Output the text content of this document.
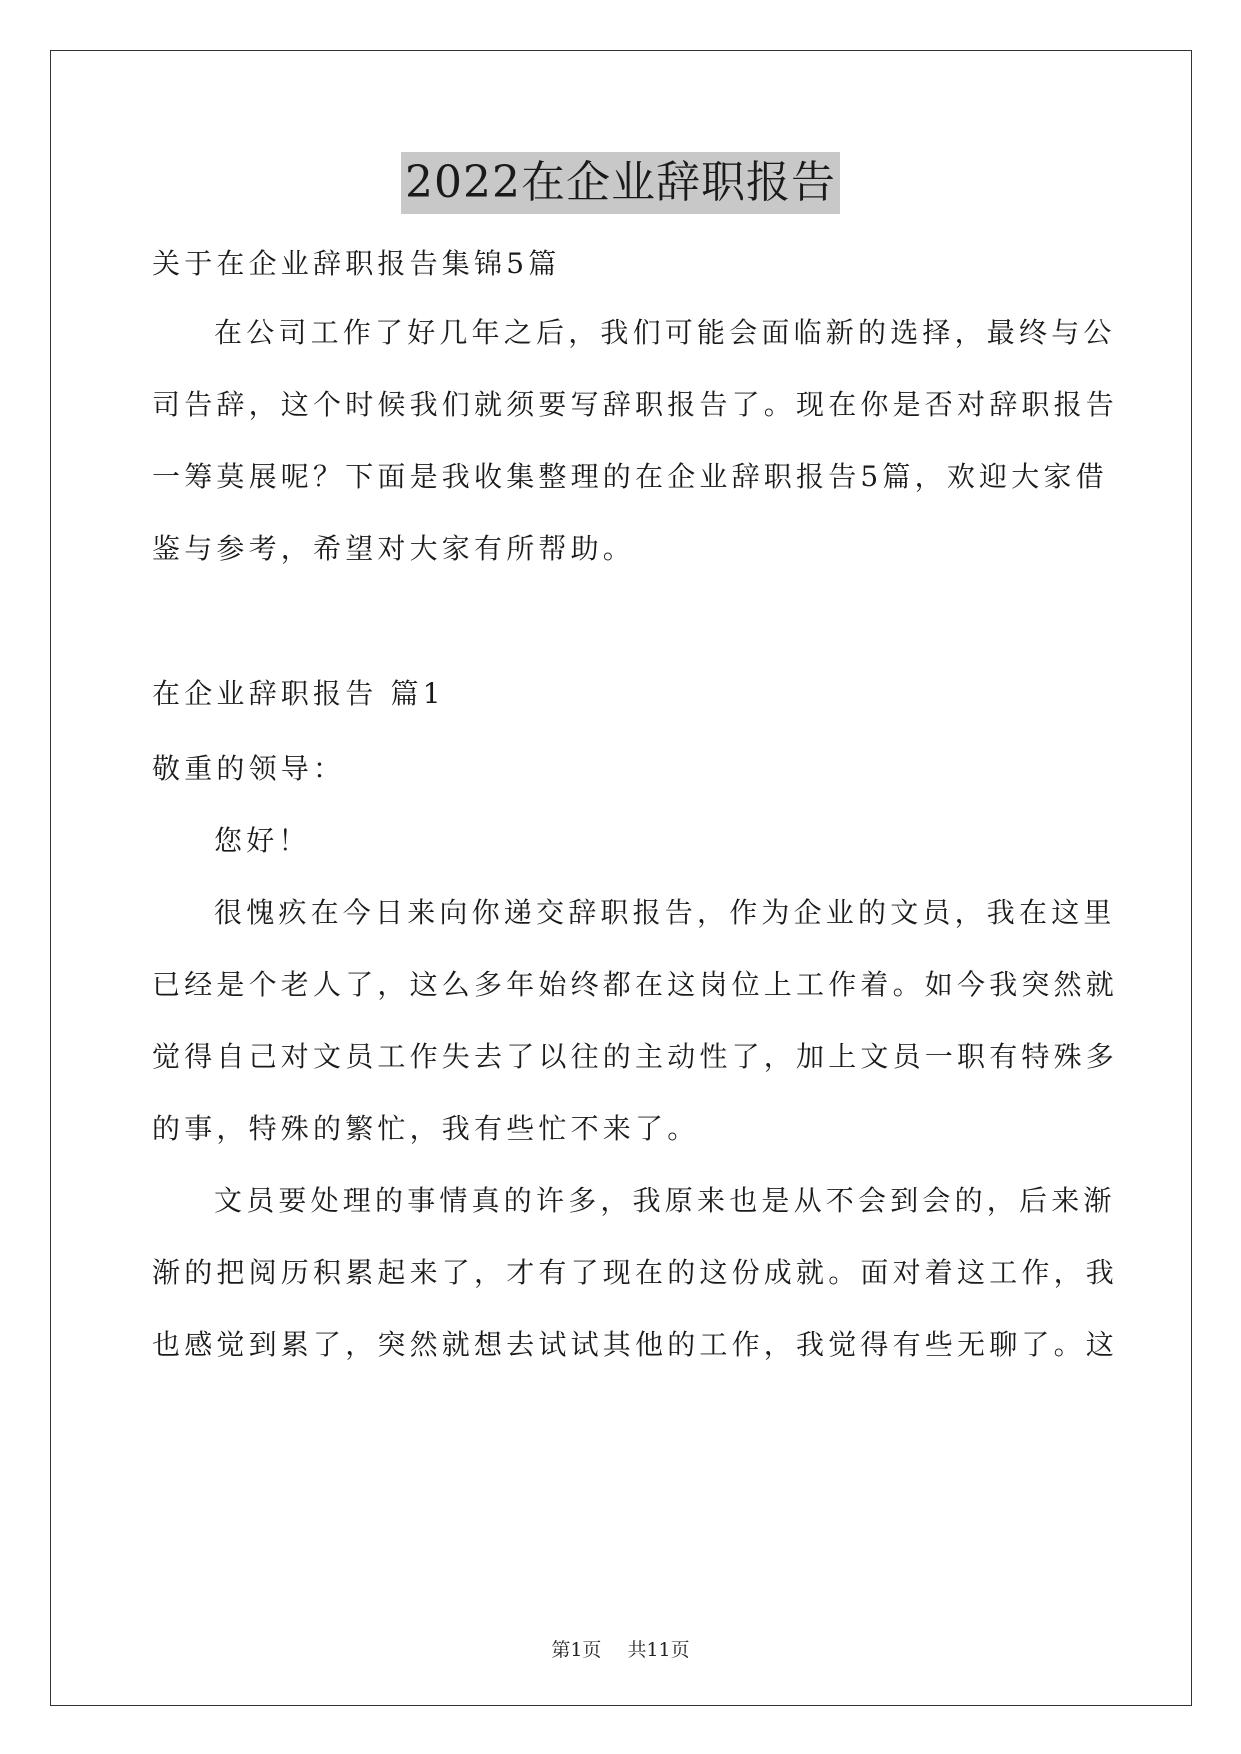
2022在企业辞职报告
关于在企业辞职报告集锦5篇
在公司工作了好几年之后，我们可能会面临新的选择，最终与公
司告辞，这个时候我们就须要写辞职报告了。现在你是否对辞职报告
一筹莫展呢？下面是我收集整理的在企业辞职报告5篇，欢迎大家借
鉴与参考，希望对大家有所帮助。
在企业辞职报告 篇1
敬重的领导：
您好！
很愧疚在今日来向你递交辞职报告，作为企业的文员，我在这里
已经是个老人了，这么多年始终都在这岗位上工作着。如今我突然就
觉得自己对文员工作失去了以往的主动性了，加上文员一职有特殊多
的事，特殊的繁忙，我有些忙不来了。
文员要处理的事情真的许多，我原来也是从不会到会的，后来渐
渐的把阅历积累起来了，才有了现在的这份成就。面对着这工作，我
也感觉到累了，突然就想去试试其他的工作，我觉得有些无聊了。这
第1页 共11页
